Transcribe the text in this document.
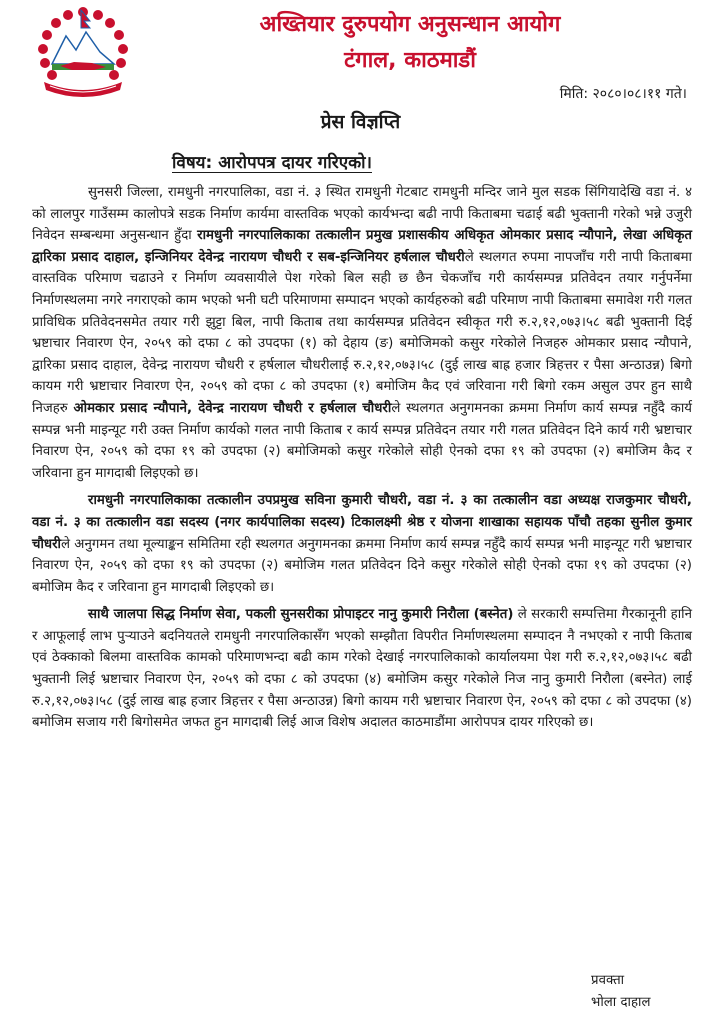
अख्तियार दुरुपयोग अनुसन्धान आयोग
टंगाल, काठमाडौं
मिति: २०८०।०८।११ गते।
प्रेस विज्ञप्ति
विषय: आरोपपत्र दायर गरिएको।

सुनसरी जिल्ला, रामधुनी नगरपालिका, वडा नं. ३ स्थित रामधुनी गेटबाट रामधुनी मन्दिर जाने मुल सडक सिंगियादेखि वडा नं. ४ को लालपुर गाउँसम्म कालोपत्रे सडक निर्माण कार्यमा वास्तविक भएको कार्यभन्दा बढी नापी किताबमा चढाई बढी भुक्तानी गरेको भन्ने उजुरी निवेदन सम्बन्धमा अनुसन्धान हुँदा रामधुनी नगरपालिकाका तत्कालीन प्रमुख प्रशासकीय अधिकृत ओमकार प्रसाद न्यौपाने, लेखा अधिकृत द्वारिका प्रसाद दाहाल, इन्जिनियर देवेन्द्र नारायण चौधरी र सब-इन्जिनियर हर्षलाल चौधरीले स्थलगत रुपमा नापजाँच गरी नापी किताबमा वास्तविक परिमाण चढाउने र निर्माण व्यवसायीले पेश गरेको बिल सही छ छैन चेकजाँच गरी कार्यसम्पन्न प्रतिवेदन तयार गर्नुपर्नेमा निर्माणस्थलमा नगरे नगराएको काम भएको भनी घटी परिमाणमा सम्पादन भएको कार्यहरुको बढी परिमाण नापी किताबमा समावेश गरी गलत प्राविधिक प्रतिवेदनसमेत तयार गरी झुट्टा बिल, नापी किताब तथा कार्यसम्पन्न प्रतिवेदन स्वीकृत गरी रु.२,१२,०७३।५८ बढी भुक्तानी दिई भ्रष्टाचार निवारण ऐन, २०५९ को दफा ८ को उपदफा (१) को देहाय (ङ) बमोजिमको कसुर गरेकोले निजहरु ओमकार प्रसाद न्यौपाने, द्वारिका प्रसाद दाहाल, देवेन्द्र नारायण चौधरी र हर्षलाल चौधरीलाई रु.२,१२,०७३।५८ (दुई लाख बाह्र हजार त्रिहत्तर र पैसा अन्ठाउन्न) बिगो कायम गरी भ्रष्टाचार निवारण ऐन, २०५९ को दफा ८ को उपदफा (१) बमोजिम कैद एवं जरिवाना गरी बिगो रकम असुल उपर हुन साथै निजहरु ओमकार प्रसाद न्यौपाने, देवेन्द्र नारायण चौधरी र हर्षलाल चौधरीले स्थलगत अनुगमनका क्रममा निर्माण कार्य सम्पन्न नहुँदै कार्य सम्पन्न भनी माइन्यूट गरी उक्त निर्माण कार्यको गलत नापी किताब र कार्य सम्पन्न प्रतिवेदन तयार गरी गलत प्रतिवेदन दिने कार्य गरी भ्रष्टाचार निवारण ऐन, २०५९ को दफा १९ को उपदफा (२) बमोजिमको कसुर गरेकोले सोही ऐनको दफा १९ को उपदफा (२) बमोजिम कैद र जरिवाना हुन मागदाबी लिइएको छ।

रामधुनी नगरपालिकाका तत्कालीन उपप्रमुख सविना कुमारी चौधरी, वडा नं. ३ का तत्कालीन वडा अध्यक्ष राजकुमार चौधरी, वडा नं. ३ का तत्कालीन वडा सदस्य (नगर कार्यपालिका सदस्य) टिकालक्ष्मी श्रेष्ठ र योजना शाखाका सहायक पाँचौ तहका सुनील कुमार चौधरीले अनुगमन तथा मूल्याङ्कन समितिमा रही स्थलगत अनुगमनका क्रममा निर्माण कार्य सम्पन्न नहुँदै कार्य सम्पन्न भनी माइन्यूट गरी भ्रष्टाचार निवारण ऐन, २०५९ को दफा १९ को उपदफा (२) बमोजिम गलत प्रतिवेदन दिने कसुर गरेकोले सोही ऐनको दफा १९ को उपदफा (२) बमोजिम कैद र जरिवाना हुन मागदाबी लिइएको छ।

साथै जालपा सिद्ध निर्माण सेवा, पकली सुनसरीका प्रोपाइटर नानु कुमारी निरौला (बस्नेत) ले सरकारी सम्पत्तिमा गैरकानूनी हानि र आफूलाई लाभ पुऱ्याउने बदनियतले रामधुनी नगरपालिकासँग भएको सम्झौता विपरीत निर्माणस्थलमा सम्पादन नै नभएको र नापी किताब एवं ठेक्काको बिलमा वास्तविक कामको परिमाणभन्दा बढी काम गरेको देखाई नगरपालिकाको कार्यालयमा पेश गरी रु.२,१२,०७३।५८ बढी भुक्तानी लिई भ्रष्टाचार निवारण ऐन, २०५९ को दफा ८ को उपदफा (४) बमोजिम कसुर गरेकोले निज नानु कुमारी निरौला (बस्नेत) लाई रु.२,१२,०७३।५८ (दुई लाख बाह्र हजार त्रिहत्तर र पैसा अन्ठाउन्न) बिगो कायम गरी भ्रष्टाचार निवारण ऐन, २०५९ को दफा ८ को उपदफा (४) बमोजिम सजाय गरी बिगोसमेत जफत हुन मागदाबी लिई आज विशेष अदालत काठमाडौंमा आरोपपत्र दायर गरिएको छ।

प्रवक्ता
भोला दाहाल
